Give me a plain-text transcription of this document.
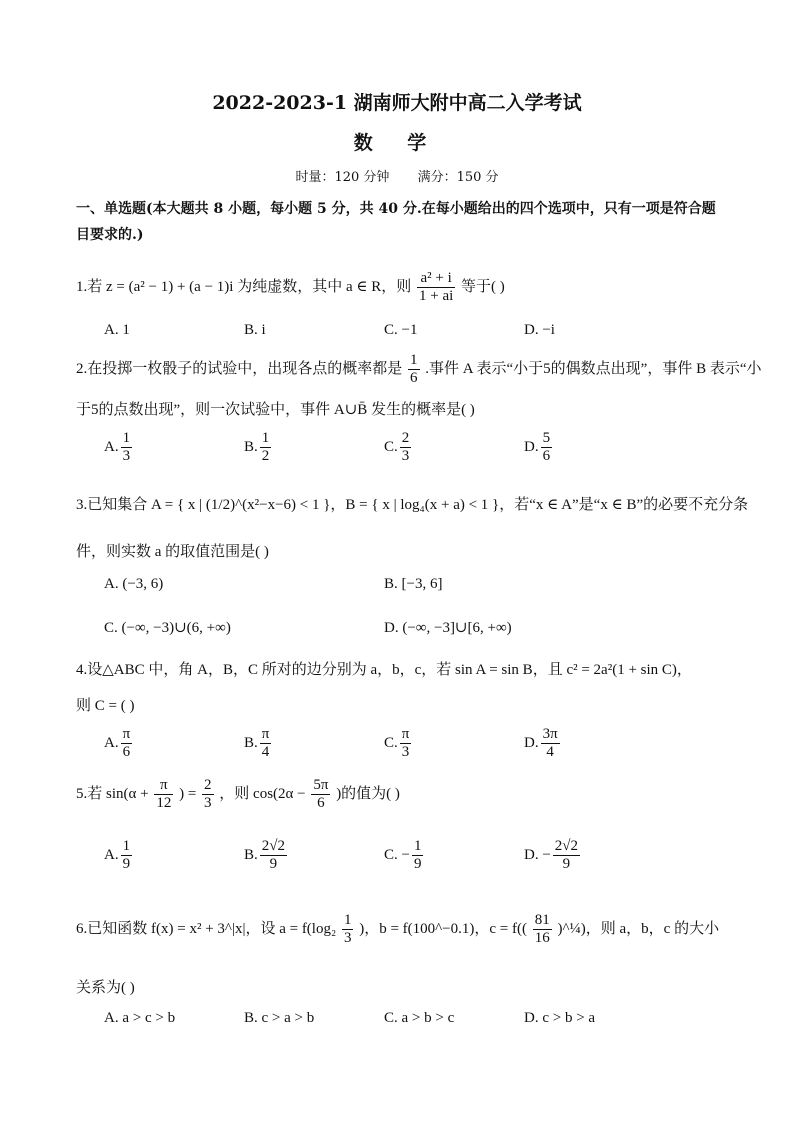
2022-2023-1 湖南师大附中高二入学考试
数 学
时量：120 分钟 满分：150 分
一、单选题(本大题共 8 小题，每小题 5 分，共 40 分.在每小题给出的四个选项中，只有一项是符合题目要求的.)
1.若 z = (a² − 1) + (a − 1)i 为纯虚数，其中 a ∈ R，则 $\frac{\text{a² + i}}{1 + ai}$ 等于( )
A. 1	B. i	C. −1	D. −i
2.在投掷一枚骰子的试验中，出现各点的概率都是 $\frac{1}{6}$ .事件 A 表示“小于5的偶数点出现”，事件 B 表示“小
于5的点数出现”，则一次试验中，事件 A∪B̄ 发生的概率是( )
A. $\frac{1}{3}$	B. $\frac{1}{2}$	C. $\frac{2}{3}$	D. $\frac{5}{6}$
3.已知集合 A = { x | (1/2)^(x²−x−6) < 1 }，B = { x | log₄(x + a) < 1 }，若“x ∈ A”是“x ∈ B”的必要不充分条
件，则实数 a 的取值范围是( )
A. (−3, 6)	B. [−3, 6]
C. (−∞, −3)∪(6, +∞)	D. (−∞, −3]∪[6, +∞)
4.设△ABC 中，角 A，B，C 所对的边分别为 a，b，c，若 sin A = sin B，且 c² = 2a²(1 + sin C)，
则 C = ( )
A. $\frac{\pi}{6}$	B. $\frac{\pi}{4}$	C. $\frac{\pi}{3}$	D. $\frac{3\pi}{4}$
5.若 $\sin(\alpha + \frac{\pi}{12}$ ) = $\frac{2}{3}$ ，则 $\cos(2\alpha - \frac{5\pi}{6}$ )的值为( )
A. $\frac{1}{9}$	B. $\frac{2√2}{9}$	C. − $\frac{1}{9}$	D. − $\frac{2√2}{9}$
6.已知函数 f(x) = x² + 3^|x|，设 $a = f(\log_2 \frac{1}{3}$ )，b = f(100^−0.1)，$c = f(( \frac{81}{16}$ )^¼)，则 a，b，c 的大小
关系为( )
A. a > c > b	B. c > a > b	C. a > b > c	D. c > b > a
